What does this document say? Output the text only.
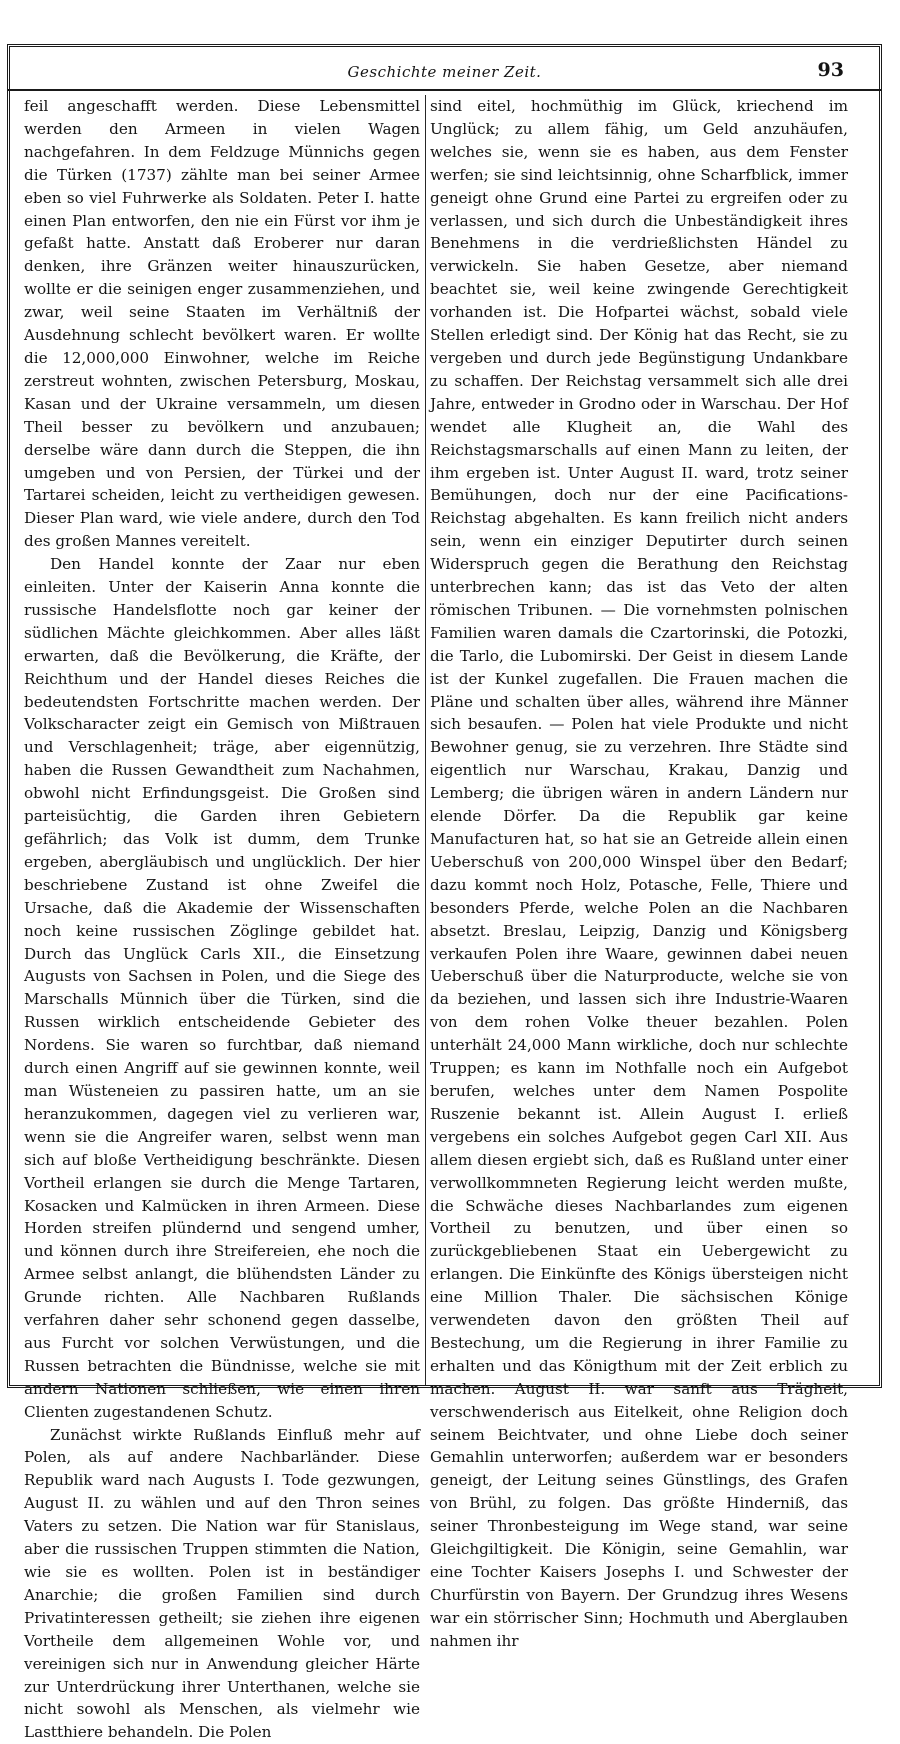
Geschichte meiner Zeit.	93

feil angeschafft werden. Diese Lebensmittel werden den Armeen in vielen Wagen nachgefahren. In dem Feldzuge Münnichs gegen die Türken (1737) zählte man bei seiner Armee eben so viel Fuhrwerke als Soldaten. Peter I. hatte einen Plan entworfen, den nie ein Fürst vor ihm je gefaßt hatte. Anstatt daß Eroberer nur daran denken, ihre Gränzen weiter hinauszurücken, wollte er die seinigen enger zusammenziehen, und zwar, weil seine Staaten im Verhältniß der Ausdehnung schlecht bevölkert waren. Er wollte die 12,000,000 Einwohner, welche im Reiche zerstreut wohnten, zwischen Petersburg, Moskau, Kasan und der Ukraine versammeln, um diesen Theil besser zu bevölkern und anzubauen; derselbe wäre dann durch die Steppen, die ihn umgeben und von Persien, der Türkei und der Tartarei scheiden, leicht zu vertheidigen gewesen. Dieser Plan ward, wie viele andere, durch den Tod des großen Mannes vereitelt.

Den Handel konnte der Zaar nur eben einleiten. Unter der Kaiserin Anna konnte die russische Handelsflotte noch gar keiner der südlichen Mächte gleichkommen. Aber alles läßt erwarten, daß die Bevölkerung, die Kräfte, der Reichthum und der Handel dieses Reiches die bedeutendsten Fortschritte machen werden. Der Volkscharacter zeigt ein Gemisch von Mißtrauen und Verschlagenheit; träge, aber eigennützig, haben die Russen Gewandtheit zum Nachahmen, obwohl nicht Erfindungsgeist. Die Großen sind parteisüchtig, die Garden ihren Gebietern gefährlich; das Volk ist dumm, dem Trunke ergeben, abergläubisch und unglücklich. Der hier beschriebene Zustand ist ohne Zweifel die Ursache, daß die Akademie der Wissenschaften noch keine russischen Zöglinge gebildet hat. Durch das Unglück Carls XII., die Einsetzung Augusts von Sachsen in Polen, und die Siege des Marschalls Münnich über die Türken, sind die Russen wirklich entscheidende Gebieter des Nordens. Sie waren so furchtbar, daß niemand durch einen Angriff auf sie gewinnen konnte, weil man Wüsteneien zu passiren hatte, um an sie heranzukommen, dagegen viel zu verlieren war, wenn sie die Angreifer waren, selbst wenn man sich auf bloße Vertheidigung beschränkte. Diesen Vortheil erlangen sie durch die Menge Tartaren, Kosacken und Kalmücken in ihren Armeen. Diese Horden streifen plündernd und sengend umher, und können durch ihre Streifereien, ehe noch die Armee selbst anlangt, die blühendsten Länder zu Grunde richten. Alle Nachbaren Rußlands verfahren daher sehr schonend gegen dasselbe, aus Furcht vor solchen Verwüstungen, und die Russen betrachten die Bündnisse, welche sie mit andern Nationen schließen, wie einen ihren Clienten zugestandenen Schutz.

Zunächst wirkte Rußlands Einfluß mehr auf Polen, als auf andere Nachbarländer. Diese Republik ward nach Augusts I. Tode gezwungen, August II. zu wählen und auf den Thron seines Vaters zu setzen. Die Nation war für Stanislaus, aber die russischen Truppen stimmten die Nation, wie sie es wollten. Polen ist in beständiger Anarchie; die großen Familien sind durch Privatinteressen getheilt; sie ziehen ihre eigenen Vortheile dem allgemeinen Wohle vor, und vereinigen sich nur in Anwendung gleicher Härte zur Unterdrückung ihrer Unterthanen, welche sie nicht sowohl als Menschen, als vielmehr wie Lastthiere behandeln. Die Polen

sind eitel, hochmüthig im Glück, kriechend im Unglück; zu allem fähig, um Geld anzuhäufen, welches sie, wenn sie es haben, aus dem Fenster werfen; sie sind leichtsinnig, ohne Scharfblick, immer geneigt ohne Grund eine Partei zu ergreifen oder zu verlassen, und sich durch die Unbeständigkeit ihres Benehmens in die verdrießlichsten Händel zu verwickeln. Sie haben Gesetze, aber niemand beachtet sie, weil keine zwingende Gerechtigkeit vorhanden ist. Die Hofpartei wächst, sobald viele Stellen erledigt sind. Der König hat das Recht, sie zu vergeben und durch jede Begünstigung Undankbare zu schaffen. Der Reichstag versammelt sich alle drei Jahre, entweder in Grodno oder in Warschau. Der Hof wendet alle Klugheit an, die Wahl des Reichstagsmarschalls auf einen Mann zu leiten, der ihm ergeben ist. Unter August II. ward, trotz seiner Bemühungen, doch nur der eine Pacifications-Reichstag abgehalten. Es kann freilich nicht anders sein, wenn ein einziger Deputirter durch seinen Widerspruch gegen die Berathung den Reichstag unterbrechen kann; das ist das Veto der alten römischen Tribunen. — Die vornehmsten polnischen Familien waren damals die Czartorinski, die Potozki, die Tarlo, die Lubomirski. Der Geist in diesem Lande ist der Kunkel zugefallen. Die Frauen machen die Pläne und schalten über alles, während ihre Männer sich besaufen. — Polen hat viele Produkte und nicht Bewohner genug, sie zu verzehren. Ihre Städte sind eigentlich nur Warschau, Krakau, Danzig und Lemberg; die übrigen wären in andern Ländern nur elende Dörfer. Da die Republik gar keine Manufacturen hat, so hat sie an Getreide allein einen Ueberschuß von 200,000 Winspel über den Bedarf; dazu kommt noch Holz, Potasche, Felle, Thiere und besonders Pferde, welche Polen an die Nachbaren absetzt. Breslau, Leipzig, Danzig und Königsberg verkaufen Polen ihre Waare, gewinnen dabei neuen Ueberschuß über die Naturproducte, welche sie von da beziehen, und lassen sich ihre Industrie-Waaren von dem rohen Volke theuer bezahlen. Polen unterhält 24,000 Mann wirkliche, doch nur schlechte Truppen; es kann im Nothfalle noch ein Aufgebot berufen, welches unter dem Namen Pospolite Ruszenie bekannt ist. Allein August I. erließ vergebens ein solches Aufgebot gegen Carl XII. Aus allem diesen ergiebt sich, daß es Rußland unter einer verwollkommneten Regierung leicht werden mußte, die Schwäche dieses Nachbarlandes zum eigenen Vortheil zu benutzen, und über einen so zurückgebliebenen Staat ein Uebergewicht zu erlangen. Die Einkünfte des Königs übersteigen nicht eine Million Thaler. Die sächsischen Könige verwendeten davon den größten Theil auf Bestechung, um die Regierung in ihrer Familie zu erhalten und das Königthum mit der Zeit erblich zu machen. August II. war sanft aus Trägheit, verschwenderisch aus Eitelkeit, ohne Religion doch seinem Beichtvater, und ohne Liebe doch seiner Gemahlin unterworfen; außerdem war er besonders geneigt, der Leitung seines Günstlings, des Grafen von Brühl, zu folgen. Das größte Hinderniß, das seiner Thronbesteigung im Wege stand, war seine Gleichgiltigkeit. Die Königin, seine Gemahlin, war eine Tochter Kaisers Josephs I. und Schwester der Churfürstin von Bayern. Der Grundzug ihres Wesens war ein störrischer Sinn; Hochmuth und Aberglauben nahmen ihr
